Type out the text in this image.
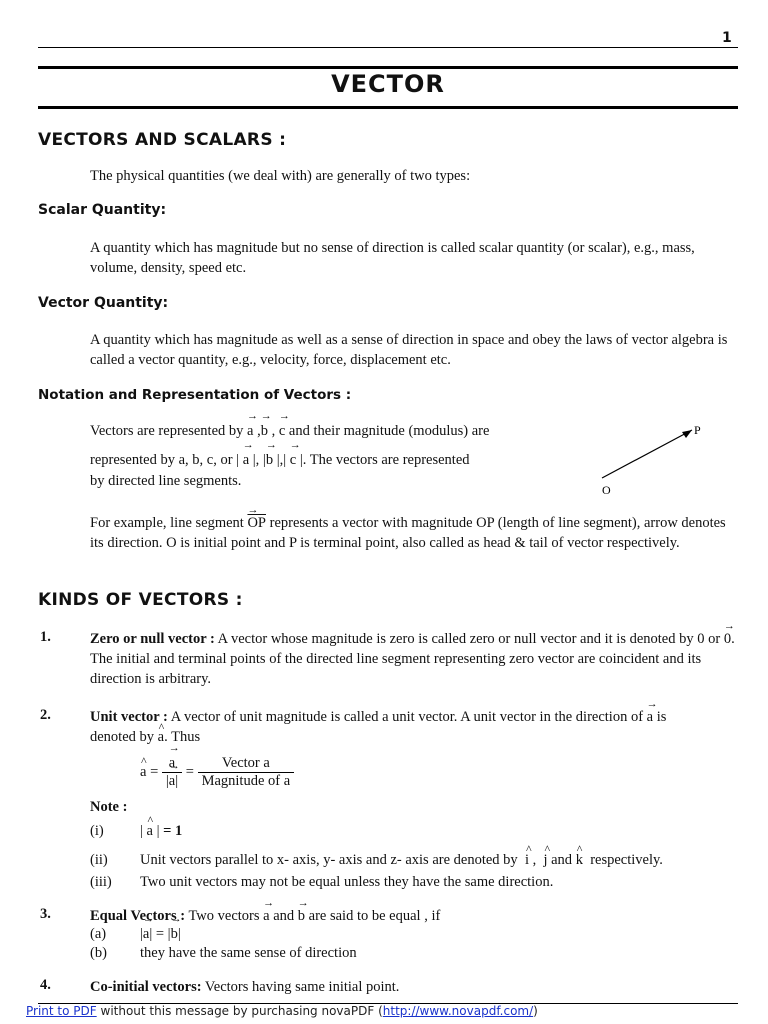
1
VECTOR
VECTORS AND SCALARS :
The physical quantities (we deal with) are generally of two types:
Scalar Quantity:
A quantity which has magnitude but no sense of direction is called scalar quantity (or scalar), e.g., mass, volume, density, speed etc.
Vector Quantity:
A quantity which has magnitude as well as a sense of direction in space and obey the laws of vector algebra is called a vector quantity, e.g., velocity, force, displacement etc.
Notation and Representation of Vectors :
Vectors are represented by → a ,→ b , → c and their magnitude (modulus) are
represented by a, b, c, or | → a |, |→ b |,| → c |. The vectors are represented
by directed line segments.
P
O
For example, line segment → $\overline{OP}$ represents a vector with magnitude OP (length of line segment), arrow denotes its direction. O is initial point and P is terminal point, also called as head & tail of vector respectively.
KINDS OF VECTORS :
1.	Zero or null vector : A vector whose magnitude is zero is called zero or null vector and it is denoted by 0 or → 0. The initial and terminal points of the directed line segment representing zero vector are coincident and its direction is arbitrary.
2.	Unit vector : A vector of unit magnitude is called a unit vector. A unit vector in the direction of → a is
denoted by ^ a. Thus
^ a = → $\frac{a}{|\to a|} = \frac{\text{Vector a}}{\text{Magnitude of a}}$
Note :
(i)	| ^ a | = 1
(ii) Unit vectors parallel to x- axis, y- axis and z- axis are denoted by ^ i ,  ^ j and ^ k respectively.
(iii) Two unit vectors may not be equal unless they have the same direction.
3.	Equal Vectors : Two vectors → a and → b are said to be equal , if
(a) |→ a| = |→ b|
(b) they have the same sense of direction
4.	Co-initial vectors: Vectors having same initial point.
Print to PDF without this message by purchasing novaPDF (http://www.novapdf.com/)
